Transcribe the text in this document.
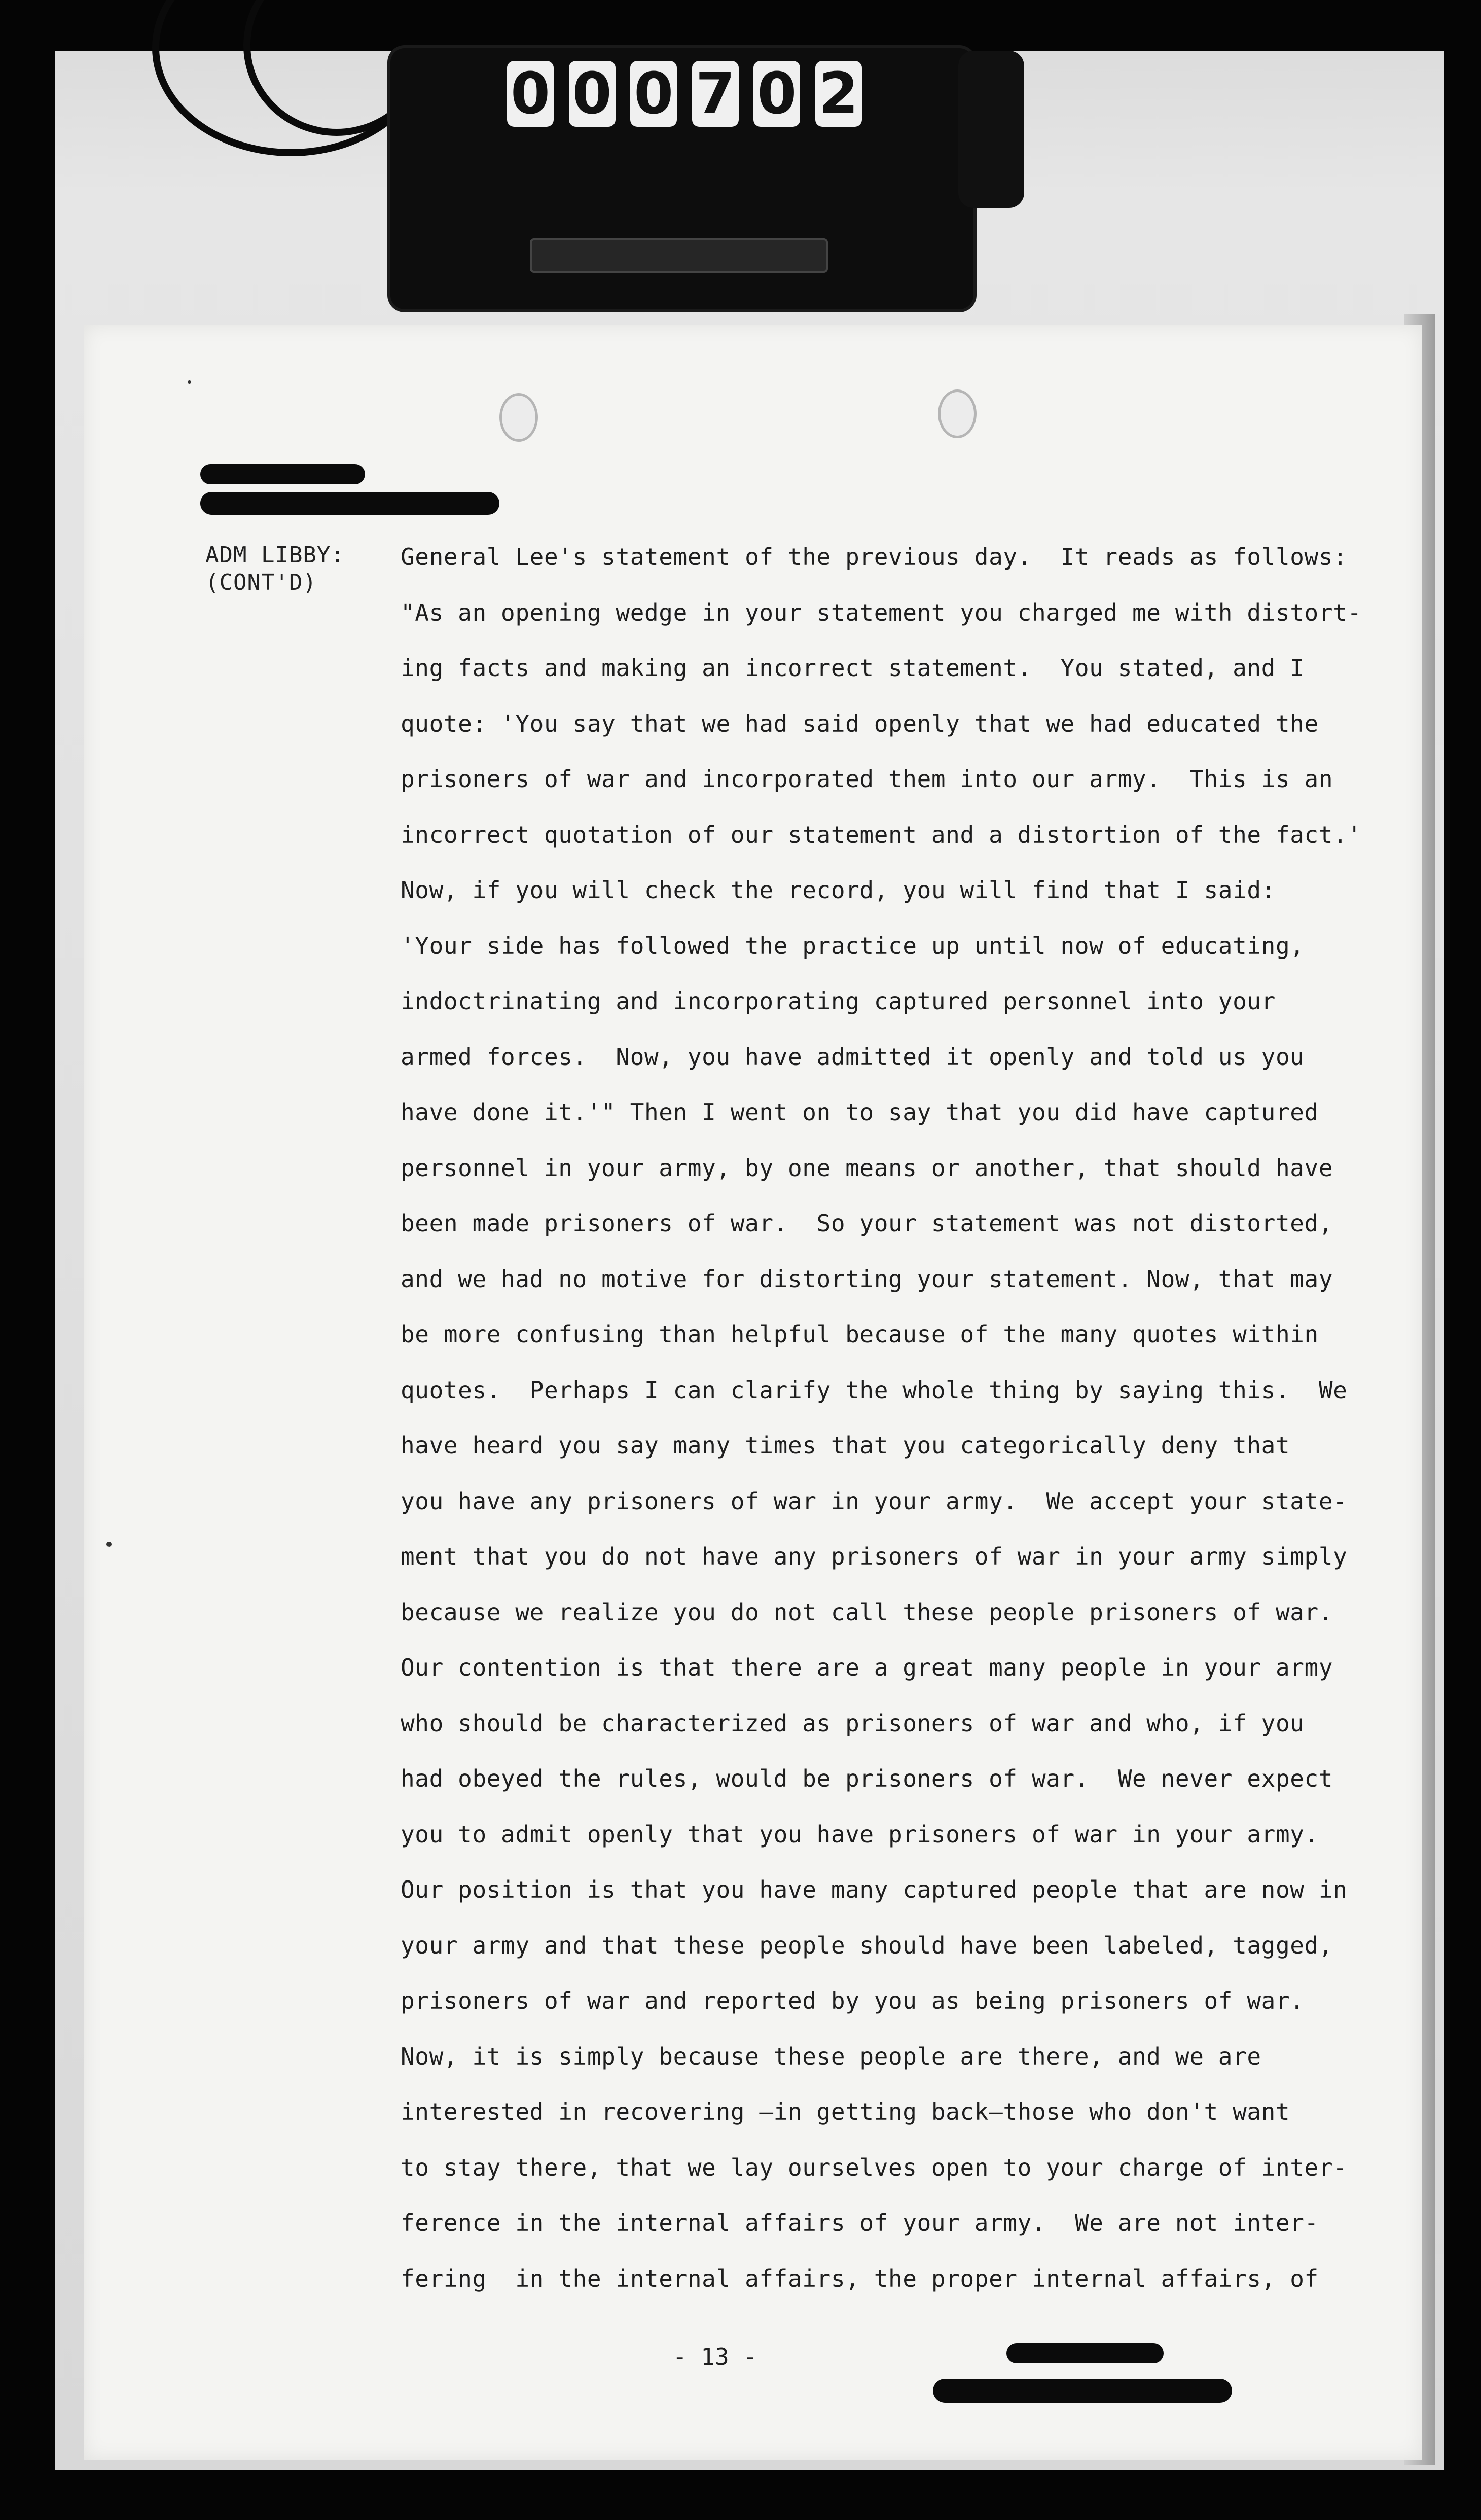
0 0 0 7 0 2
ADM LIBBY:
(CONT'D)
General Lee's statement of the previous day.  It reads as follows:
"As an opening wedge in your statement you charged me with distort-
ing facts and making an incorrect statement.  You stated, and I
quote: 'You say that we had said openly that we had educated the
prisoners of war and incorporated them into our army.  This is an
incorrect quotation of our statement and a distortion of the fact.'
Now, if you will check the record, you will find that I said:
'Your side has followed the practice up until now of educating,
indoctrinating and incorporating captured personnel into your
armed forces.  Now, you have admitted it openly and told us you
have done it.'" Then I went on to say that you did have captured
personnel in your army, by one means or another, that should have
been made prisoners of war.  So your statement was not distorted,
and we had no motive for distorting your statement. Now, that may
be more confusing than helpful because of the many quotes within
quotes.  Perhaps I can clarify the whole thing by saying this.  We
have heard you say many times that you categorically deny that
you have any prisoners of war in your army.  We accept your state-
ment that you do not have any prisoners of war in your army simply
because we realize you do not call these people prisoners of war.
Our contention is that there are a great many people in your army
who should be characterized as prisoners of war and who, if you
had obeyed the rules, would be prisoners of war.  We never expect
you to admit openly that you have prisoners of war in your army.
Our position is that you have many captured people that are now in
your army and that these people should have been labeled, tagged,
prisoners of war and reported by you as being prisoners of war.
Now, it is simply because these people are there, and we are
interested in recovering —in getting back—those who don't want
to stay there, that we lay ourselves open to your charge of inter-
ference in the internal affairs of your army.  We are not inter-
fering  in the internal affairs, the proper internal affairs, of
- 13 -
